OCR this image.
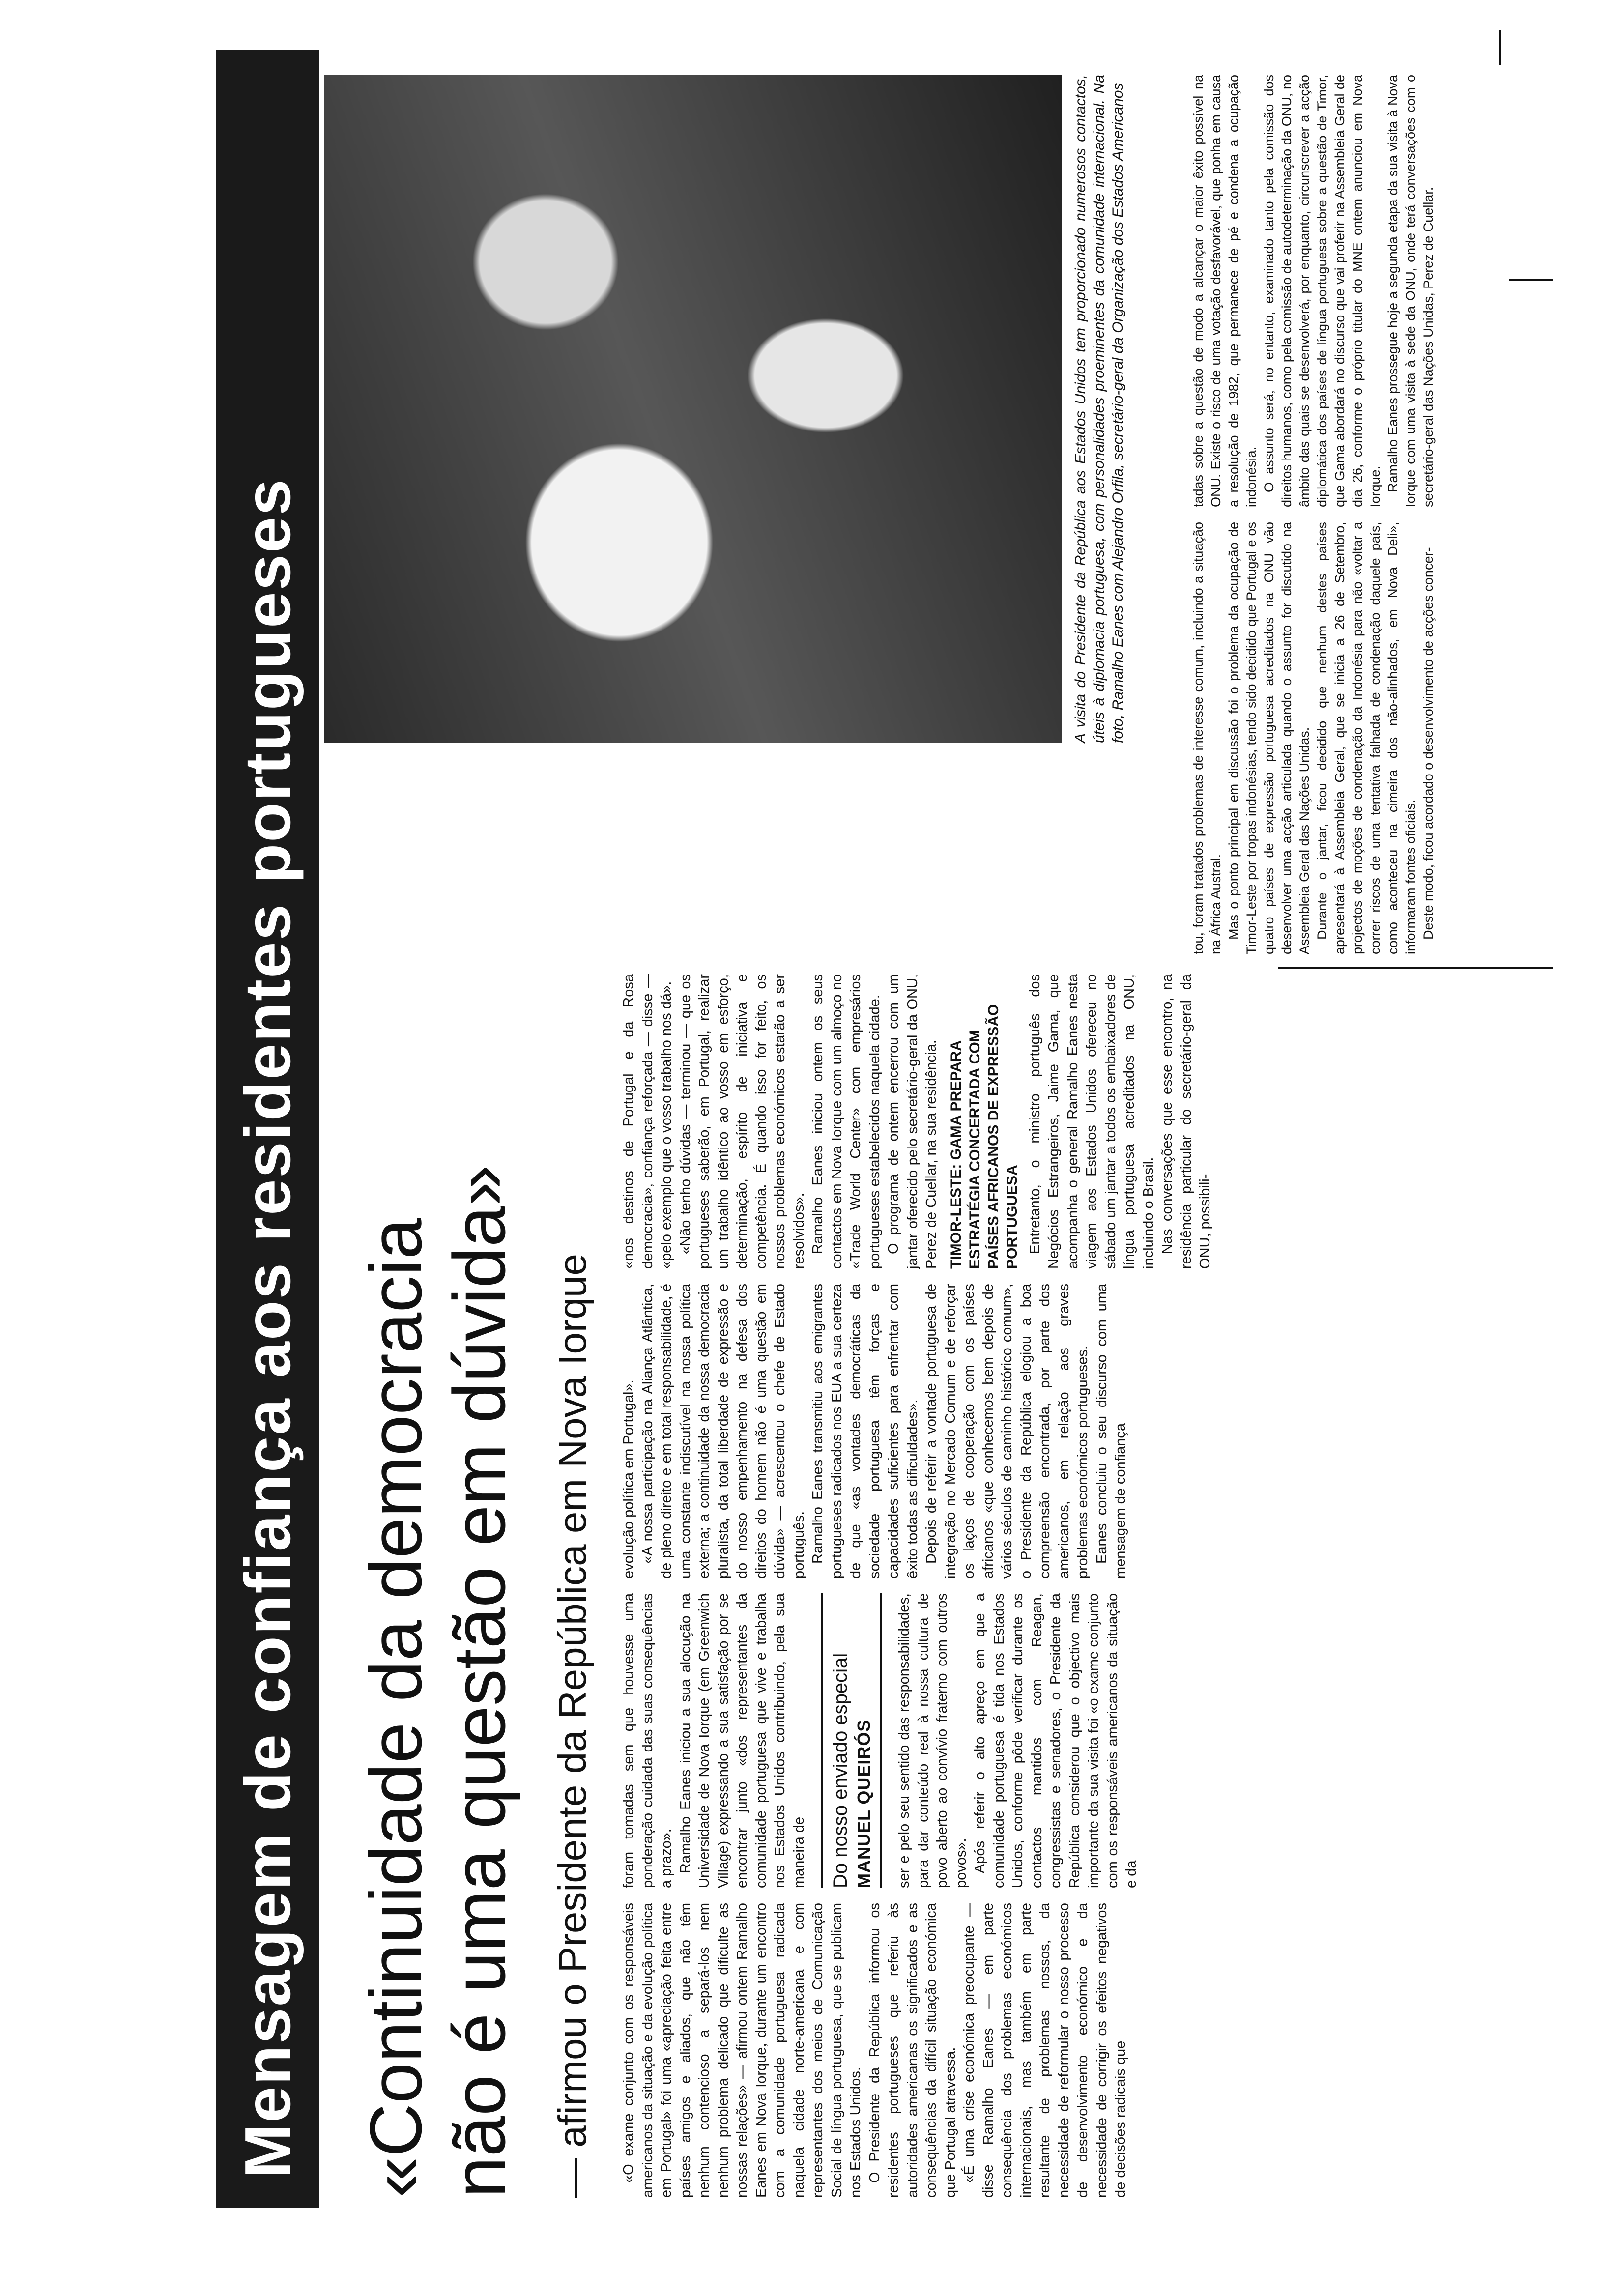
Mensagem de confiança aos residentes portugueses «Continuidade da democracia não é uma questão em dúvida» — afirmou o Presidente da República em Nova Iorque	«O exame conjunto com os responsáveis americanos da situação e da evolução política em Portugal» foi uma «apreciação feita entre países amigos e aliados, que não têm nenhum contencioso a separá-los nem nenhum problema delicado que dificulte as nossas relações» — afirmou ontem Ramalho Eanes em Nova Iorque, durante um encontro com a comunidade portuguesa radicada naquela cidade norte-americana e com representantes dos meios de Comunicação Social de língua portuguesa, que se publicam nos Estados Unidos. O Presidente da República informou os residentes portugueses que referiu às autoridades americanas os significados e as consequências da difícil situação económica que Portugal atravessa. «É uma crise económica preocupante — disse Ramalho Eanes — em parte consequência dos problemas económicos internacionais, mas também em parte resultante de problemas nossos, da necessidade de reformular o nosso processo de desenvolvimento económico e da necessidade de corrigir os efeitos negativos de decisões radicais que

foram tomadas sem que houvesse uma ponderação cuidada das suas consequências a prazo». Ramalho Eanes iniciou a sua alocução na Universidade de Nova Iorque (em Greenwich Village) expressando a sua satisfação por se encontrar junto «dos representantes da comunidade portuguesa que vive e trabalha nos Estados Unidos contribuindo, pela sua maneira de Do nosso enviado especial MANUEL QUEIRÓS ser e pelo seu sentido das responsabilidades, para dar conteúdo real à nossa cultura de povo aberto ao convívio fraterno com outros povos». Após referir o alto apreço em que a comunidade portuguesa é tida nos Estados Unidos, conforme pôde verificar durante os contactos mantidos com Reagan, congressistas e senadores, o Presidente da República considerou que o objectivo mais importante da sua visita foi «o exame conjunto com os responsáveis americanos da situação e da

evolução política em Portugal». «A nossa participação na Aliança Atlântica, de pleno direito e em total responsabilidade, é uma constante indiscutível na nossa política externa; a continuidade da nossa democracia pluralista, da total liberdade de expressão e do nosso empenhamento na defesa dos direitos do homem não é uma questão em dúvida» — acrescentou o chefe de Estado português. Ramalho Eanes transmitiu aos emigrantes portugueses radicados nos EUA a sua certeza de que «as vontades democráticas da sociedade portuguesa têm forças e capacidades suficientes para enfrentar com êxito todas as dificuldades». Depois de referir a vontade portuguesa de integração no Mercado Comum e de reforçar os laços de cooperação com os países africanos «que conhecemos bem depois de vários séculos de caminho histórico comum», o Presidente da República elogiou a boa compreensão encontrada, por parte dos americanos, em relação aos graves problemas económicos portugueses. Eanes concluiu o seu discurso com uma mensagem de confiança

«nos destinos de Portugal e da Rosa democracia», confiança reforçada — disse — «pelo exemplo que o vosso trabalho nos dá». «Não tenho dúvidas — terminou — que os portugueses saberão, em Portugal, realizar um trabalho idêntico ao vosso em esforço, determinação, espírito de iniciativa e competência. É quando isso for feito, os nossos problemas económicos estarão a ser resolvidos». Ramalho Eanes iniciou ontem os seus contactos em Nova Iorque com um almoço no «Trade World Center» com empresários portugueses estabelecidos naquela cidade. O programa de ontem encerrou com um jantar oferecido pelo secretário-geral da ONU, Perez de Cuellar, na sua residência. TIMOR-LESTE: GAMA PREPARA ESTRATÉGIA CONCERTADA COM PAÍSES AFRICANOS DE EXPRESSÃO PORTUGUESA Entretanto, o ministro português dos Negócios Estrangeiros, Jaime Gama, que acompanha o general Ramalho Eanes nesta viagem aos Estados Unidos ofereceu no sábado um jantar a todos os embaixadores de língua portuguesa acreditados na ONU, incluindo o Brasil. Nas conversações que esse encontro, na residência particular do secretário-geral da ONU, possibili-

A visita do Presidente da República aos Estados Unidos tem proporcionado numerosos contactos, úteis à diplomacia portuguesa, com personalidades proeminentes da comunidade internacional. Na foto, Ramalho Eanes com Alejandro Orfila, secretário-geral da Organização dos Estados Americanos	tou, foram tratados problemas de interesse comum, incluindo a situação na África Austral. Mas o ponto principal em discussão foi o problema da ocupação de Timor-Leste por tropas indonésias, tendo sido decidido que Portugal e os quatro países de expressão portuguesa acreditados na ONU vão desenvolver uma acção articulada quando o assunto for discutido na Assembleia Geral das Nações Unidas. Durante o jantar, ficou decidido que nenhum destes países apresentará à Assembleia Geral, que se inicia a 26 de Setembro, projectos de moções de condenação da Indonésia para não «voltar a correr riscos de uma tentativa falhada de condenação daquele país, como aconteceu na cimeira dos não-alinhados, em Nova Deli», informaram fontes oficiais. Deste modo, ficou acordado o desenvolvimento de acções concer-

tadas sobre a questão de modo a alcançar o maior êxito possível na ONU. Existe o risco de uma votação desfavorável, que ponha em causa a resolução de 1982, que permanece de pé e condena a ocupação indonésia. O assunto será, no entanto, examinado tanto pela comissão dos direitos humanos, como pela comissão de autodeterminação da ONU, no âmbito das quais se desenvolverá, por enquanto, circunscrever a acção diplomática dos países de língua portuguesa sobre a questão de Timor, que Gama abordará no discurso que vai proferir na Assembleia Geral de dia 26, conforme o próprio titular do MNE ontem anunciou em Nova Iorque. Ramalho Eanes prossegue hoje a segunda etapa da sua visita à Nova Iorque com uma visita à sede da ONU, onde terá conversações com o secretário-geral das Nações Unidas, Perez de Cuellar.
